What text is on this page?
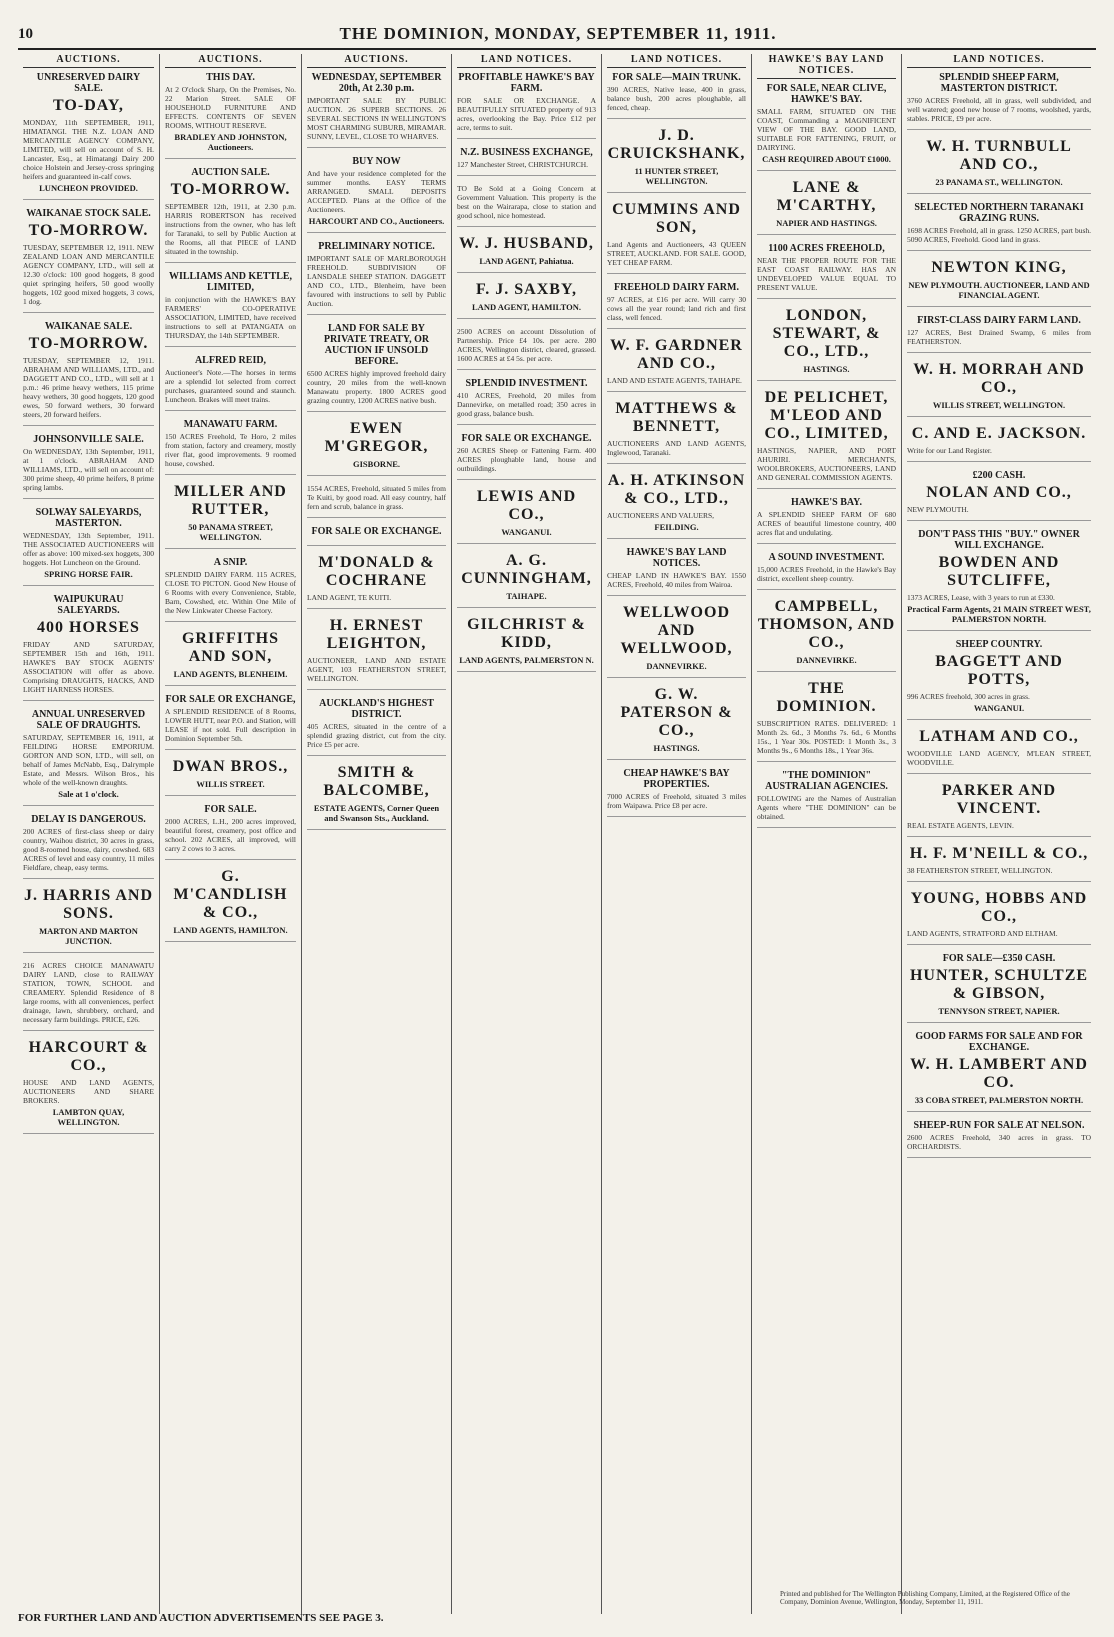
10	THE DOMINION, MONDAY, SEPTEMBER 11, 1911.
AUCTIONS.
UNRESERVED DAIRY SALE.
TO-DAY,
MONDAY, 11th SEPTEMBER, 1911, HIMATANGI. THE N.Z. LOAN AND MERCANTILE AGENCY COMPANY, LIMITED, will sell on account of S. H. Lancaster, Esq., at Himatangi Dairy 200 choice Holstein and Jersey-cross springing heifers and guaranteed in-calf cows.
LUNCHEON PROVIDED.
WAIKANAE STOCK SALE.
TO-MORROW.
TUESDAY, SEPTEMBER 12, 1911. NEW ZEALAND LOAN AND MERCANTILE AGENCY COMPANY, LTD., will sell at 12.30 o'clock: 100 good hoggets, 8 good quiet springing heifers, 50 good woolly hoggets, 102 good mixed hoggets, 3 cows, 1 dog.
WAIKANAE SALE.
TO-MORROW.
TUESDAY, SEPTEMBER 12, 1911. ABRAHAM AND WILLIAMS, LTD., and DAGGETT AND CO., LTD., will sell at 1 p.m.: 46 prime heavy wethers, 115 prime heavy wethers, 30 good hoggets, 120 good ewes, 50 forward wethers, 30 forward steers, 20 forward heifers.
JOHNSONVILLE SALE.
On WEDNESDAY, 13th September, 1911, at 1 o'clock. ABRAHAM AND WILLIAMS, LTD., will sell on account of: 300 prime sheep, 40 prime heifers, 8 prime spring lambs.
SOLWAY SALEYARDS, MASTERTON.
WEDNESDAY, 13th September, 1911. THE ASSOCIATED AUCTIONEERS will offer as above: 100 mixed-sex hoggets, 300 hoggets. Hot Luncheon on the Ground.
SPRING HORSE FAIR.
WAIPUKURAU SALEYARDS.
400 HORSES
FRIDAY AND SATURDAY, SEPTEMBER 15th and 16th, 1911. HAWKE'S BAY STOCK AGENTS' ASSOCIATION will offer as above. Comprising DRAUGHTS, HACKS, AND LIGHT HARNESS HORSES.
ANNUAL UNRESERVED SALE OF DRAUGHTS.
SATURDAY, SEPTEMBER 16, 1911, at FEILDING HORSE EMPORIUM. GORTON AND SON, LTD., will sell, on behalf of James McNabb, Esq., Dalrymple Estate, and Messrs. Wilson Bros., his whole of the well-known draughts.
Sale at 1 o'clock.
DELAY IS DANGEROUS.
200 ACRES of first-class sheep or dairy country, Waihou district, 30 acres in grass, good 8-roomed house, dairy, cowshed. 683 ACRES of level and easy country, 11 miles Fieldfare, cheap, easy terms.
J. HARRIS AND SONS.
MARTON AND MARTON JUNCTION.
216 ACRES CHOICE MANAWATU DAIRY LAND, close to RAILWAY STATION, TOWN, SCHOOL and CREAMERY. Splendid Residence of 8 large rooms, with all conveniences, perfect drainage, lawn, shrubbery, orchard, and necessary farm buildings. PRICE, £26.
HARCOURT & CO.,
HOUSE AND LAND AGENTS, AUCTIONEERS AND SHARE BROKERS.
LAMBTON QUAY, WELLINGTON.
AUCTIONS.
THIS DAY.
At 2 O'clock Sharp, On the Premises, No. 22 Marion Street. SALE OF HOUSEHOLD FURNITURE AND EFFECTS. CONTENTS OF SEVEN ROOMS, WITHOUT RESERVE.
BRADLEY AND JOHNSTON, Auctioneers.
AUCTION SALE.
TO-MORROW.
SEPTEMBER 12th, 1911, at 2.30 p.m. HARRIS ROBERTSON has received instructions from the owner, who has left for Taranaki, to sell by Public Auction at the Rooms, all that PIECE of LAND situated in the township.
WILLIAMS AND KETTLE, LIMITED,
in conjunction with the HAWKE'S BAY FARMERS' CO-OPERATIVE ASSOCIATION, LIMITED, have received instructions to sell at PATANGATA on THURSDAY, the 14th SEPTEMBER.
ALFRED REID,
Auctioneer's Note.—The horses in terms are a splendid lot selected from correct purchases, guaranteed sound and staunch. Luncheon. Brakes will meet trains.
MANAWATU FARM.
150 ACRES Freehold, Te Horo, 2 miles from station, factory and creamery, mostly river flat, good improvements. 9 roomed house, cowshed.
MILLER AND RUTTER,
50 PANAMA STREET, WELLINGTON.
A SNIP.
SPLENDID DAIRY FARM. 115 ACRES, CLOSE TO PICTON. Good New House of 6 Rooms with every Convenience, Stable, Barn, Cowshed, etc. Within One Mile of the New Linkwater Cheese Factory.
GRIFFITHS AND SON,
LAND AGENTS, BLENHEIM.
FOR SALE OR EXCHANGE,
A SPLENDID RESIDENCE of 8 Rooms, LOWER HUTT, near P.O. and Station, will LEASE if not sold. Full description in Dominion September 5th.
DWAN BROS.,
WILLIS STREET.
FOR SALE.
2000 ACRES, L.H., 200 acres improved, beautiful forest, creamery, post office and school. 202 ACRES, all improved, will carry 2 cows to 3 acres.
G. M'CANDLISH & CO.,
LAND AGENTS, HAMILTON.
AUCTIONS.
WEDNESDAY, SEPTEMBER 20th, At 2.30 p.m.
IMPORTANT SALE BY PUBLIC AUCTION. 26 SUPERB SECTIONS. 26 SEVERAL SECTIONS IN WELLINGTON'S MOST CHARMING SUBURB, MIRAMAR. SUNNY, LEVEL, CLOSE TO WHARVES.
BUY NOW
And have your residence completed for the summer months. EASY TERMS ARRANGED. SMALL DEPOSITS ACCEPTED. Plans at the Office of the Auctioneers.
HARCOURT AND CO., Auctioneers.
PRELIMINARY NOTICE.
IMPORTANT SALE OF MARLBOROUGH FREEHOLD. SUBDIVISION OF LANSDALE SHEEP STATION. DAGGETT AND CO., LTD., Blenheim, have been favoured with instructions to sell by Public Auction.
LAND FOR SALE BY PRIVATE TREATY, OR AUCTION IF UNSOLD BEFORE.
6500 ACRES highly improved freehold dairy country, 20 miles from the well-known Manawatu property. 1800 ACRES good grazing country, 1200 ACRES native bush.
EWEN M'GREGOR,
GISBORNE.
1554 ACRES, Freehold, situated 5 miles from Te Kuiti, by good road. All easy country, half fern and scrub, balance in grass.
FOR SALE OR EXCHANGE.
M'DONALD & COCHRANE
LAND AGENT, TE KUITI.
H. ERNEST LEIGHTON,
AUCTIONEER, LAND AND ESTATE AGENT, 103 FEATHERSTON STREET, WELLINGTON.
AUCKLAND'S HIGHEST DISTRICT.
405 ACRES, situated in the centre of a splendid grazing district, cut from the city. Price £5 per acre.
SMITH & BALCOMBE,
ESTATE AGENTS, Corner Queen and Swanson Sts., Auckland.
LAND NOTICES.
PROFITABLE HAWKE'S BAY FARM.
FOR SALE OR EXCHANGE. A BEAUTIFULLY SITUATED property of 913 acres, overlooking the Bay. Price £12 per acre, terms to suit.
N.Z. BUSINESS EXCHANGE,
127 Manchester Street, CHRISTCHURCH.
TO Be Sold at a Going Concern at Government Valuation. This property is the best on the Wairarapa, close to station and good school, nice homestead.
W. J. HUSBAND,
LAND AGENT, Pahiatua.
F. J. SAXBY,
LAND AGENT, HAMILTON.
2500 ACRES on account Dissolution of Partnership. Price £4 10s. per acre. 280 ACRES, Wellington district, cleared, grassed. 1600 ACRES at £4 5s. per acre.
SPLENDID INVESTMENT.
410 ACRES, Freehold, 20 miles from Dannevirke, on metalled road; 350 acres in good grass, balance bush.
FOR SALE OR EXCHANGE.
260 ACRES Sheep or Fattening Farm. 400 ACRES ploughable land, house and outbuildings.
LEWIS AND CO.,
WANGANUI.
A. G. CUNNINGHAM,
TAIHAPE.
GILCHRIST & KIDD,
LAND AGENTS, PALMERSTON N.
LAND NOTICES.
FOR SALE—MAIN TRUNK.
390 ACRES, Native lease, 400 in grass, balance bush, 200 acres ploughable, all fenced, cheap.
J. D. CRUICKSHANK,
11 HUNTER STREET, WELLINGTON.
CUMMINS AND SON,
Land Agents and Auctioneers, 43 QUEEN STREET, AUCKLAND. FOR SALE. GOOD, YET CHEAP FARM.
FREEHOLD DAIRY FARM.
97 ACRES, at £16 per acre. Will carry 30 cows all the year round; land rich and first class, well fenced.
W. F. GARDNER AND CO.,
LAND AND ESTATE AGENTS, TAIHAPE.
MATTHEWS & BENNETT,
AUCTIONEERS AND LAND AGENTS, Inglewood, Taranaki.
A. H. ATKINSON & CO., LTD.,
AUCTIONEERS AND VALUERS,
FEILDING.
HAWKE'S BAY LAND NOTICES.
CHEAP LAND IN HAWKE'S BAY. 1550 ACRES, Freehold, 40 miles from Wairoa.
WELLWOOD AND WELLWOOD,
DANNEVIRKE.
G. W. PATERSON & CO.,
HASTINGS.
CHEAP HAWKE'S BAY PROPERTIES.
7000 ACRES of Freehold, situated 3 miles from Waipawa. Price £8 per acre.
HAWKE'S BAY LAND NOTICES.
FOR SALE, NEAR CLIVE, HAWKE'S BAY.
SMALL FARM, SITUATED ON THE COAST, Commanding a MAGNIFICENT VIEW OF THE BAY. GOOD LAND, SUITABLE FOR FATTENING, FRUIT, or DAIRYING.
CASH REQUIRED ABOUT £1000.
LANE & M'CARTHY,
NAPIER AND HASTINGS.
1100 ACRES FREEHOLD,
NEAR THE PROPER ROUTE FOR THE EAST COAST RAILWAY. HAS AN UNDEVELOPED VALUE EQUAL TO PRESENT VALUE.
LONDON, STEWART, & CO., LTD.,
HASTINGS.
DE PELICHET, M'LEOD AND CO., LIMITED,
HASTINGS, NAPIER, AND PORT AHURIRI. MERCHANTS, WOOLBROKERS, AUCTIONEERS, LAND AND GENERAL COMMISSION AGENTS.
HAWKE'S BAY.
A SPLENDID SHEEP FARM OF 680 ACRES of beautiful limestone country, 400 acres flat and undulating.
A SOUND INVESTMENT.
15,000 ACRES Freehold, in the Hawke's Bay district, excellent sheep country.
CAMPBELL, THOMSON, AND CO.,
DANNEVIRKE.
THE DOMINION.
SUBSCRIPTION RATES. DELIVERED: 1 Month 2s. 6d., 3 Months 7s. 6d., 6 Months 15s., 1 Year 30s. POSTED: 1 Month 3s., 3 Months 9s., 6 Months 18s., 1 Year 36s.
"THE DOMINION" AUSTRALIAN AGENCIES.
FOLLOWING are the Names of Australian Agents where "THE DOMINION" can be obtained.
LAND NOTICES.
SPLENDID SHEEP FARM, MASTERTON DISTRICT.
3760 ACRES Freehold, all in grass, well subdivided, and well watered; good new house of 7 rooms, woolshed, yards, stables. PRICE, £9 per acre.
W. H. TURNBULL AND CO.,
23 PANAMA ST., WELLINGTON.
SELECTED NORTHERN TARANAKI GRAZING RUNS.
1698 ACRES Freehold, all in grass. 1250 ACRES, part bush. 5090 ACRES, Freehold. Good land in grass.
NEWTON KING,
NEW PLYMOUTH. AUCTIONEER, LAND AND FINANCIAL AGENT.
FIRST-CLASS DAIRY FARM LAND.
127 ACRES, Best Drained Swamp, 6 miles from FEATHERSTON.
W. H. MORRAH AND CO.,
WILLIS STREET, WELLINGTON.
C. AND E. JACKSON.
Write for our Land Register.
£200 CASH.
NOLAN AND CO.,
NEW PLYMOUTH.
DON'T PASS THIS "BUY." OWNER WILL EXCHANGE.
BOWDEN AND SUTCLIFFE,
1373 ACRES, Lease, with 3 years to run at £330.
Practical Farm Agents, 21 MAIN STREET WEST, PALMERSTON NORTH.
SHEEP COUNTRY.
BAGGETT AND POTTS,
996 ACRES freehold, 300 acres in grass.
WANGANUI.
LATHAM AND CO.,
WOODVILLE LAND AGENCY, M'LEAN STREET, WOODVILLE.
PARKER AND VINCENT.
REAL ESTATE AGENTS, LEVIN.
H. F. M'NEILL & CO.,
38 FEATHERSTON STREET, WELLINGTON.
YOUNG, HOBBS AND CO.,
LAND AGENTS, STRATFORD AND ELTHAM.
FOR SALE—£350 CASH.
HUNTER, SCHULTZE & GIBSON,
TENNYSON STREET, NAPIER.
GOOD FARMS FOR SALE AND FOR EXCHANGE.
W. H. LAMBERT AND CO.
33 COBA STREET, PALMERSTON NORTH.
SHEEP-RUN FOR SALE AT NELSON.
2600 ACRES Freehold, 340 acres in grass. TO ORCHARDISTS.
FOR FURTHER LAND AND AUCTION ADVERTISEMENTS SEE PAGE 3.
Printed and published for The Wellington Publishing Company, Limited, at the Registered Office of the Company, Dominion Avenue, Wellington, Monday, September 11, 1911.
